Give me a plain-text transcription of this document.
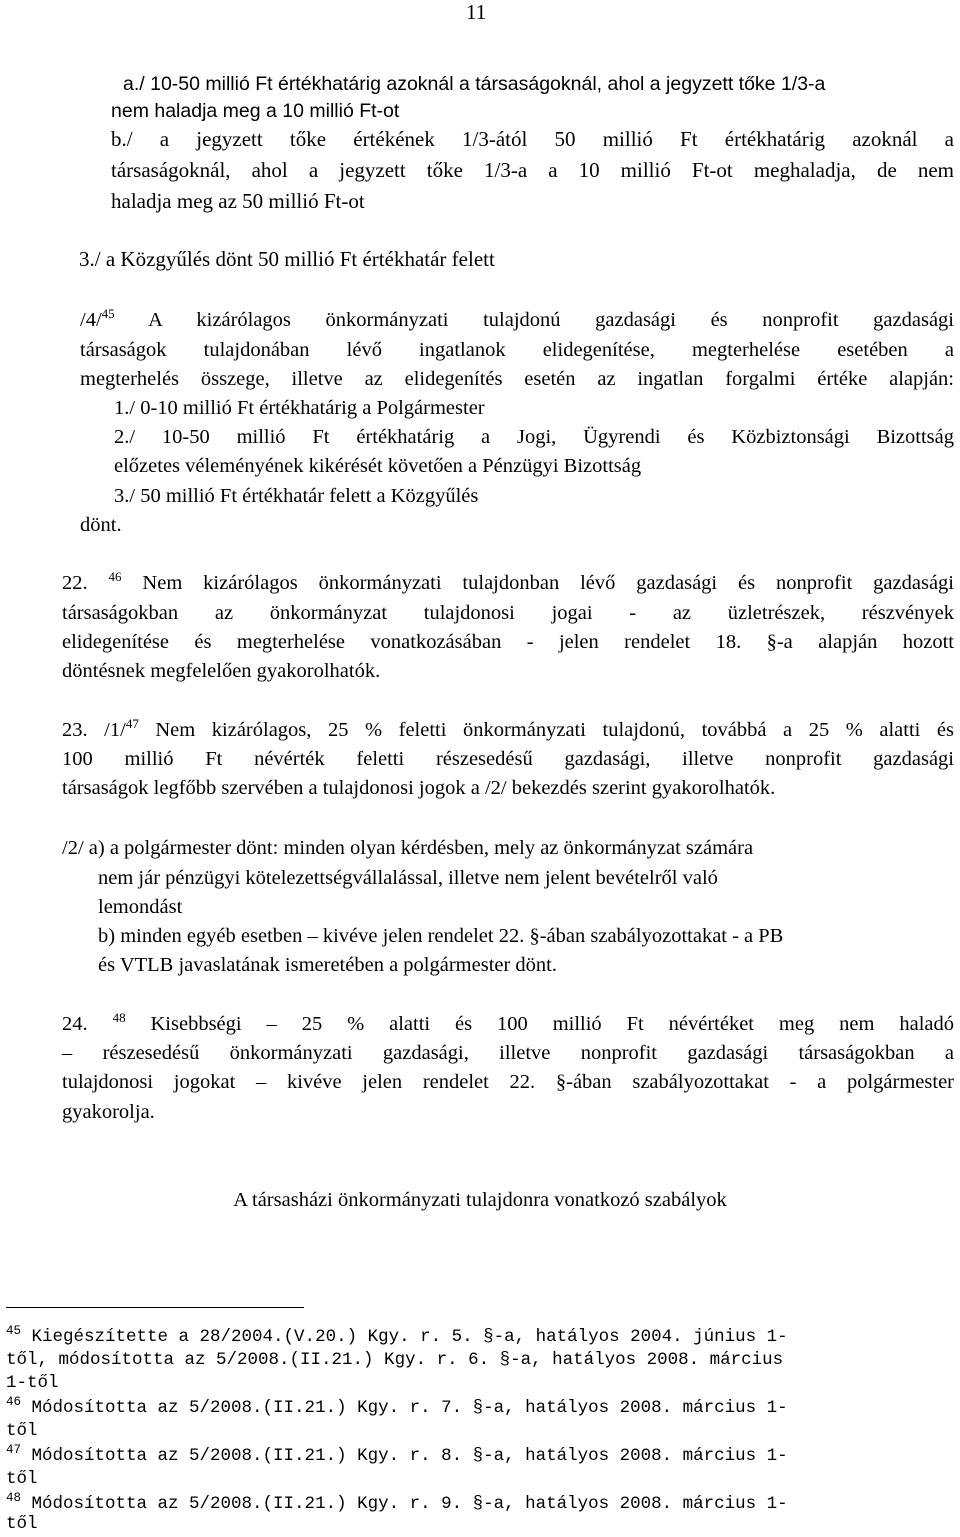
11
a./ 10-50 millió Ft értékhatárig azoknál a társaságoknál, ahol a jegyzett tőke 1/3-a
nem haladja meg a 10 millió Ft-ot
b./ a jegyzett tőke értékének 1/3-ától 50 millió Ft értékhatárig azoknál a
társaságoknál, ahol a jegyzett tőke 1/3-a a 10 millió Ft-ot meghaladja, de nem
haladja meg az 50 millió Ft-ot
3./ a Közgyűlés dönt 50 millió Ft értékhatár felett
/4/$^{45}$ A kizárólagos önkormányzati tulajdonú gazdasági és nonprofit gazdasági
társaságok tulajdonában lévő ingatlanok elidegenítése, megterhelése esetében a
megterhelés összege, illetve az elidegenítés esetén az ingatlan forgalmi értéke alapján:
1./ 0-10 millió Ft értékhatárig a Polgármester
2./ 10-50 millió Ft értékhatárig a Jogi, Ügyrendi és Közbiztonsági Bizottság
előzetes véleményének kikérését követően a Pénzügyi Bizottság
3./ 50 millió Ft értékhatár felett a Közgyűlés
dönt.
22. $^{46}$ Nem kizárólagos önkormányzati tulajdonban lévő gazdasági és nonprofit gazdasági
társaságokban az önkormányzat tulajdonosi jogai - az üzletrészek, részvények
elidegenítése és megterhelése vonatkozásában - jelen rendelet 18. §-a alapján hozott
döntésnek megfelelően gyakorolhatók.
23. /1/$^{47}$ Nem kizárólagos, 25 % feletti önkormányzati tulajdonú, továbbá a 25 % alatti és
100 millió Ft névérték feletti részesedésű gazdasági, illetve nonprofit gazdasági
társaságok legfőbb szervében a tulajdonosi jogok a /2/ bekezdés szerint gyakorolhatók.
/2/ a) a polgármester dönt: minden olyan kérdésben, mely az önkormányzat számára
nem jár pénzügyi kötelezettségvállalással, illetve nem jelent bevételről való
lemondást
b) minden egyéb esetben – kivéve jelen rendelet 22. §-ában szabályozottakat - a PB
és VTLB javaslatának ismeretében a polgármester dönt.
24. $^{48}$ Kisebbségi – 25 % alatti és 100 millió Ft névértéket meg nem haladó
– részesedésű önkormányzati gazdasági, illetve nonprofit gazdasági társaságokban a
tulajdonosi jogokat – kivéve jelen rendelet 22. §-ában szabályozottakat - a polgármester
gyakorolja.
A társasházi önkormányzati tulajdonra vonatkozó szabályok
$^{45}$ Kiegészítette a 28/2004.(V.20.) Kgy. r. 5. §-a, hatályos 2004. június 1-
től, módosította az 5/2008.(II.21.) Kgy. r. 6. §-a, hatályos 2008. március
1-től
$^{46}$ Módosította az 5/2008.(II.21.) Kgy. r. 7. §-a, hatályos 2008. március 1-
től
$^{47}$ Módosította az 5/2008.(II.21.) Kgy. r. 8. §-a, hatályos 2008. március 1-
től
$^{48}$ Módosította az 5/2008.(II.21.) Kgy. r. 9. §-a, hatályos 2008. március 1-
től
